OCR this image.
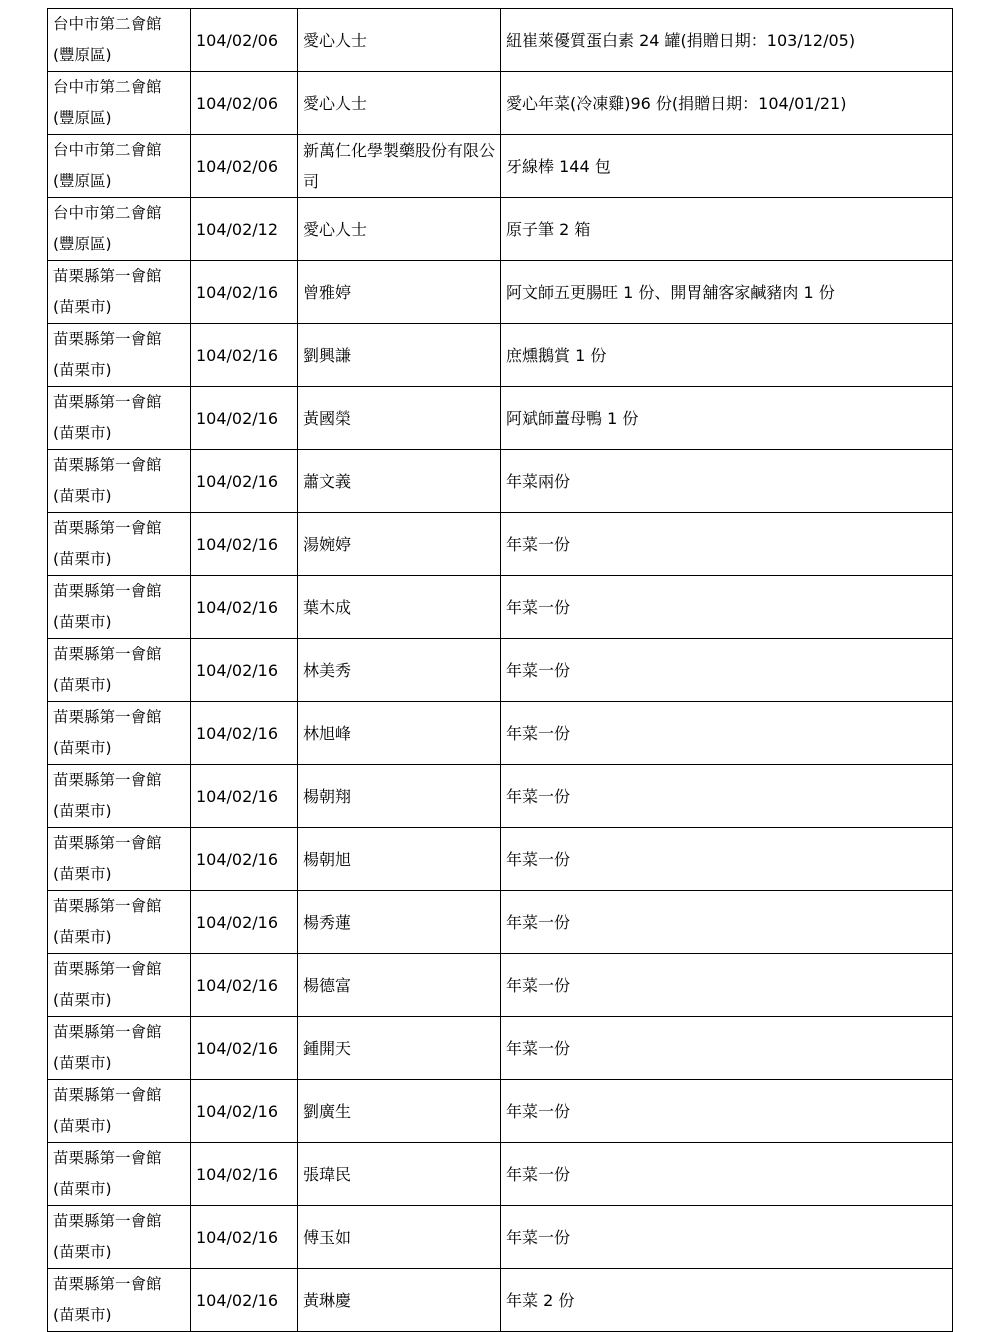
台中市第二會館
(豐原區)	104/02/06	愛心人士	紐崔萊優質蛋白素 24 罐(捐贈日期：103/12/05)

台中市第二會館
(豐原區)	104/02/06	愛心人士	愛心年菜(冷凍雞)96 份(捐贈日期：104/01/21)

台中市第二會館
(豐原區)	104/02/06	新萬仁化學製藥股份有限公司	牙線棒 144 包

台中市第二會館
(豐原區)	104/02/12	愛心人士	原子筆 2 箱

苗栗縣第一會館
(苗栗市)	104/02/16	曾雅婷	阿文師五更腸旺 1 份、開胃舖客家鹹豬肉 1 份

苗栗縣第一會館
(苗栗市)	104/02/16	劉興謙	庶燻鵝賞 1 份

苗栗縣第一會館
(苗栗市)	104/02/16	黃國榮	阿斌師薑母鴨 1 份

苗栗縣第一會館
(苗栗市)	104/02/16	蕭文義	年菜兩份

苗栗縣第一會館
(苗栗市)	104/02/16	湯婉婷	年菜一份

苗栗縣第一會館
(苗栗市)	104/02/16	葉木成	年菜一份

苗栗縣第一會館
(苗栗市)	104/02/16	林美秀	年菜一份

苗栗縣第一會館
(苗栗市)	104/02/16	林旭峰	年菜一份

苗栗縣第一會館
(苗栗市)	104/02/16	楊朝翔	年菜一份

苗栗縣第一會館
(苗栗市)	104/02/16	楊朝旭	年菜一份

苗栗縣第一會館
(苗栗市)	104/02/16	楊秀蓮	年菜一份

苗栗縣第一會館
(苗栗市)	104/02/16	楊德富	年菜一份

苗栗縣第一會館
(苗栗市)	104/02/16	鍾開天	年菜一份

苗栗縣第一會館
(苗栗市)	104/02/16	劉廣生	年菜一份

苗栗縣第一會館
(苗栗市)	104/02/16	張瑋民	年菜一份

苗栗縣第一會館
(苗栗市)	104/02/16	傅玉如	年菜一份

苗栗縣第一會館
(苗栗市)	104/02/16	黃琳慶	年菜 2 份
